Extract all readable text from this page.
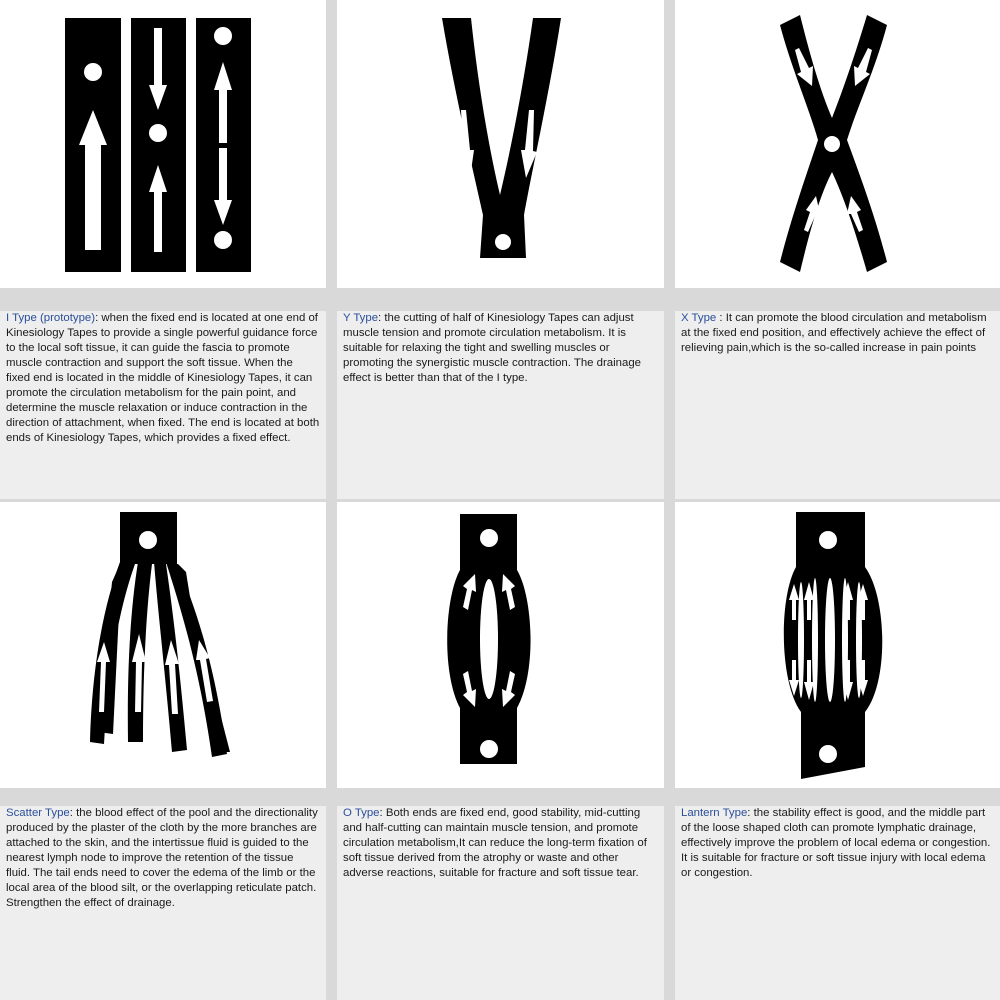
I Type (prototype): when the fixed end is located at one end of Kinesiology Tapes to provide a single powerful guidance force to the local soft tissue, it can guide the fascia to promote muscle contraction and support the soft tissue. When the fixed end is located in the middle of Kinesiology Tapes, it can promote the circulation metabolism for the pain point, and determine the muscle relaxation or induce contraction in the direction of attachment, when fixed. The end is located at both ends of Kinesiology Tapes, which provides a fixed effect.
Y Type: the cutting of half of Kinesiology Tapes can adjust muscle tension and promote circulation metabolism. It is suitable for relaxing the tight and swelling muscles or promoting the synergistic muscle contraction. The drainage effect is better than that of the I type.
X Type : It can promote the blood circulation and metabolism at the fixed end position, and effectively achieve the effect of relieving pain,which is the so-called increase in pain points
Scatter Type: the blood effect of the pool and the directionality produced by the plaster of the cloth by the more branches are attached to the skin, and the intertissue fluid is guided to the nearest lymph node to improve the retention of the tissue fluid. The tail ends need to cover the edema of the limb or the local area of the blood silt, or the overlapping reticulate patch. Strengthen the effect of drainage.
O Type: Both ends are fixed end, good stability, mid-cutting and half-cutting can maintain muscle tension, and promote circulation metabolism,It can reduce the long-term fixation of soft tissue derived from the atrophy or waste and other adverse reactions, suitable for fracture and soft tissue tear.
Lantern Type: the stability effect is good, and the middle part of the loose shaped cloth can promote lymphatic drainage, effectively improve the problem of local edema or congestion. It is suitable for fracture or soft tissue injury with local edema or congestion.
